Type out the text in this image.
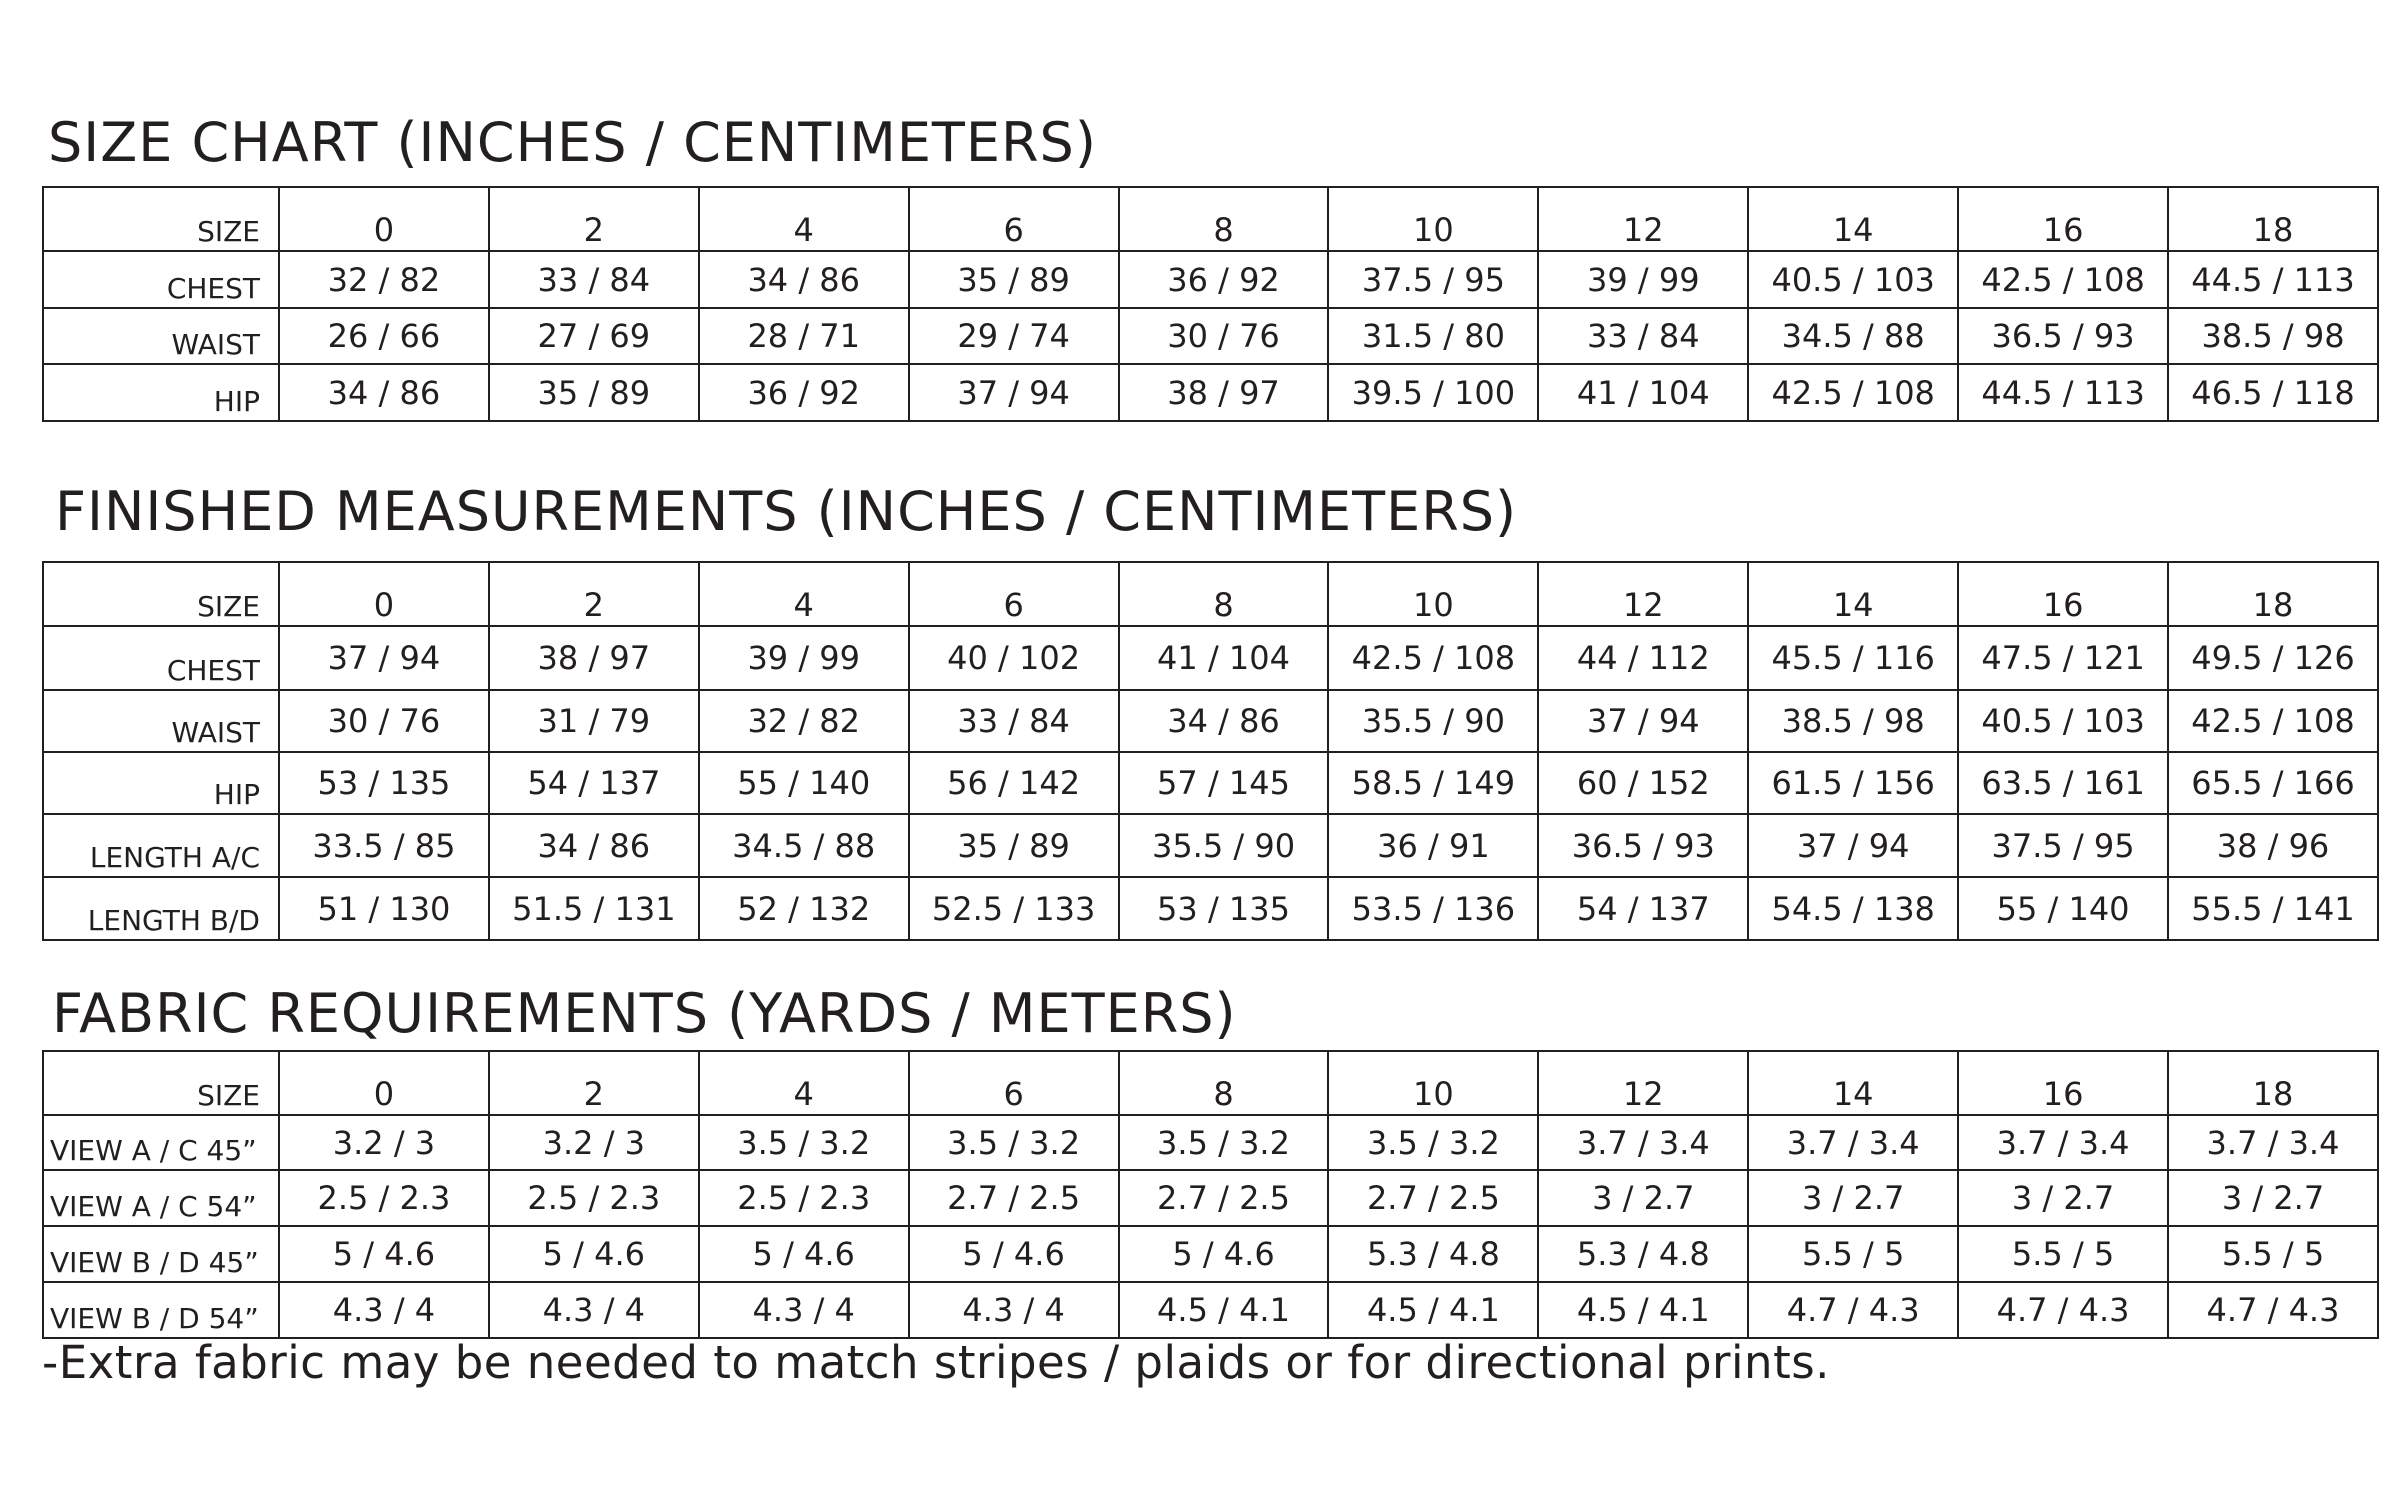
SIZE CHART (INCHES / CENTIMETERS)
SIZE	0	2	4	6	8	10	12	14	16	18
CHEST	32 / 82	33 / 84	34 / 86	35 / 89	36 / 92	37.5 / 95	39 / 99	40.5 / 103	42.5 / 108	44.5 / 113
WAIST	26 / 66	27 / 69	28 / 71	29 / 74	30 / 76	31.5 / 80	33 / 84	34.5 / 88	36.5 / 93	38.5 / 98
HIP	34 / 86	35 / 89	36 / 92	37 / 94	38 / 97	39.5 / 100	41 / 104	42.5 / 108	44.5 / 113	46.5 / 118
FINISHED MEASUREMENTS (INCHES / CENTIMETERS)
SIZE	0	2	4	6	8	10	12	14	16	18
CHEST	37 / 94	38 / 97	39 / 99	40 / 102	41 / 104	42.5 / 108	44 / 112	45.5 / 116	47.5 / 121	49.5 / 126
WAIST	30 / 76	31 / 79	32 / 82	33 / 84	34 / 86	35.5 / 90	37 / 94	38.5 / 98	40.5 / 103	42.5 / 108
HIP	53 / 135	54 / 137	55 / 140	56 / 142	57 / 145	58.5 / 149	60 / 152	61.5 / 156	63.5 / 161	65.5 / 166
LENGTH A/C	33.5 / 85	34 / 86	34.5 / 88	35 / 89	35.5 / 90	36 / 91	36.5 / 93	37 / 94	37.5 / 95	38 / 96
LENGTH B/D	51 / 130	51.5 / 131	52 / 132	52.5 / 133	53 / 135	53.5 / 136	54 / 137	54.5 / 138	55 / 140	55.5 / 141
FABRIC REQUIREMENTS (YARDS / METERS)
SIZE	0	2	4	6	8	10	12	14	16	18
VIEW A / C 45”	3.2 / 3	3.2 / 3	3.5 / 3.2	3.5 / 3.2	3.5 / 3.2	3.5 / 3.2	3.7 / 3.4	3.7 / 3.4	3.7 / 3.4	3.7 / 3.4
VIEW A / C 54”	2.5 / 2.3	2.5 / 2.3	2.5 / 2.3	2.7 / 2.5	2.7 / 2.5	2.7 / 2.5	3 / 2.7	3 / 2.7	3 / 2.7	3 / 2.7
VIEW B / D 45”	5 / 4.6	5 / 4.6	5 / 4.6	5 / 4.6	5 / 4.6	5.3 / 4.8	5.3 / 4.8	5.5 / 5	5.5 / 5	5.5 / 5
VIEW B / D 54”	4.3 / 4	4.3 / 4	4.3 / 4	4.3 / 4	4.5 / 4.1	4.5 / 4.1	4.5 / 4.1	4.7 / 4.3	4.7 / 4.3	4.7 / 4.3
-Extra fabric may be needed to match stripes / plaids or for directional prints.
